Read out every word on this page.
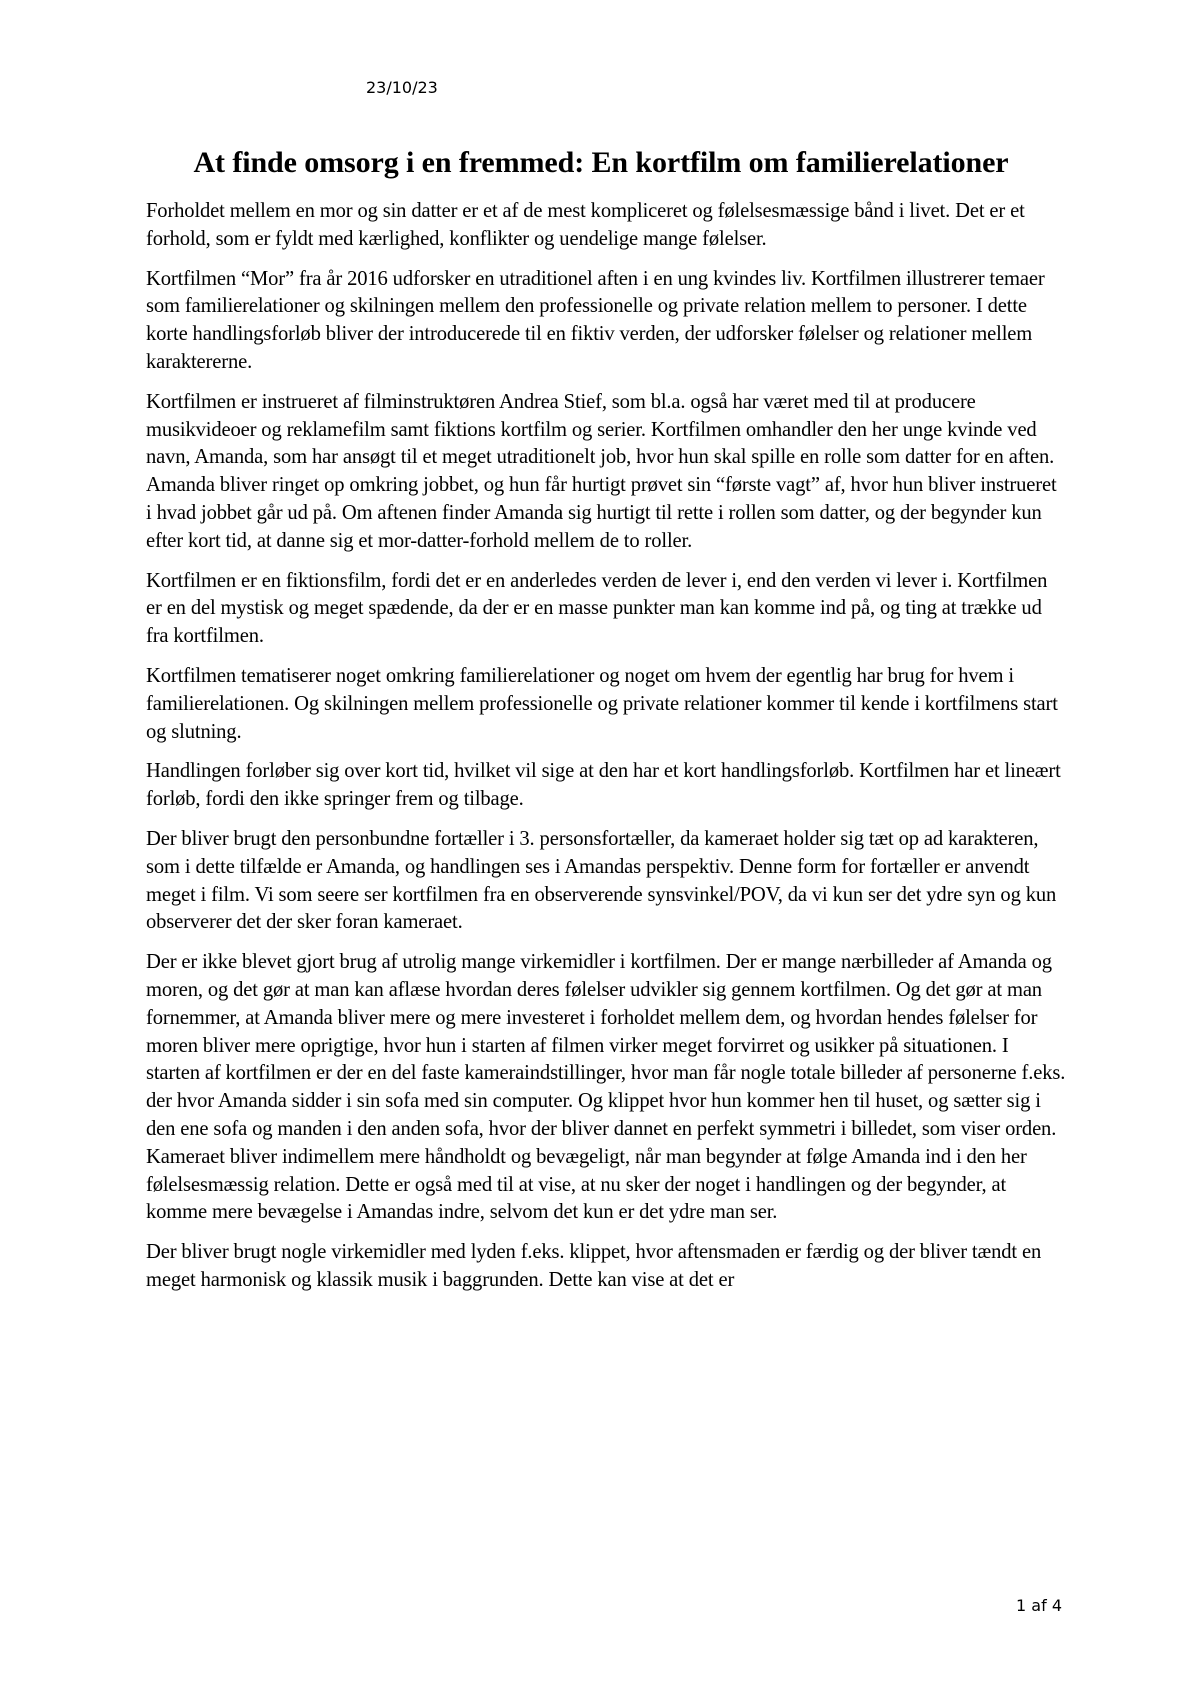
23/10/23
At finde omsorg i en fremmed: En kortfilm om familierelationer

Forholdet mellem en mor og sin datter er et af de mest kompliceret og følelsesmæssige bånd i livet. Det er et forhold, som er fyldt med kærlighed, konflikter og uendelige mange følelser.

Kortfilmen “Mor” fra år 2016 udforsker en utraditionel aften i en ung kvindes liv. Kortfilmen illustrerer temaer som familierelationer og skilningen mellem den professionelle og private relation mellem to personer. I dette korte handlingsforløb bliver der introducerede til en fiktiv verden, der udforsker følelser og relationer mellem karaktererne.

Kortfilmen er instrueret af filminstruktøren Andrea Stief, som bl.a. også har været med til at producere musikvideoer og reklamefilm samt fiktions kortfilm og serier. Kortfilmen omhandler den her unge kvinde ved navn, Amanda, som har ansøgt til et meget utraditionelt job, hvor hun skal spille en rolle som datter for en aften. Amanda bliver ringet op omkring jobbet, og hun får hurtigt prøvet sin “første vagt” af, hvor hun bliver instrueret i hvad jobbet går ud på. Om aftenen finder Amanda sig hurtigt til rette i rollen som datter, og der begynder kun efter kort tid, at danne sig et mor-datter-forhold mellem de to roller.

Kortfilmen er en fiktionsfilm, fordi det er en anderledes verden de lever i, end den verden vi lever i. Kortfilmen er en del mystisk og meget spædende, da der er en masse punkter man kan komme ind på, og ting at trække ud fra kortfilmen.

Kortfilmen tematiserer noget omkring familierelationer og noget om hvem der egentlig har brug for hvem i familierelationen. Og skilningen mellem professionelle og private relationer kommer til kende i kortfilmens start og slutning.

Handlingen forløber sig over kort tid, hvilket vil sige at den har et kort handlingsforløb. Kortfilmen har et lineært forløb, fordi den ikke springer frem og tilbage.

Der bliver brugt den personbundne fortæller i 3. personsfortæller, da kameraet holder sig tæt op ad karakteren, som i dette tilfælde er Amanda, og handlingen ses i Amandas perspektiv. Denne form for fortæller er anvendt meget i film. Vi som seere ser kortfilmen fra en observerende synsvinkel/POV, da vi kun ser det ydre syn og kun observerer det der sker foran kameraet.

Der er ikke blevet gjort brug af utrolig mange virkemidler i kortfilmen. Der er mange nærbilleder af Amanda og moren, og det gør at man kan aflæse hvordan deres følelser udvikler sig gennem kortfilmen. Og det gør at man fornemmer, at Amanda bliver mere og mere investeret i forholdet mellem dem, og hvordan hendes følelser for moren bliver mere oprigtige, hvor hun i starten af filmen virker meget forvirret og usikker på situationen. I starten af kortfilmen er der en del faste kameraindstillinger, hvor man får nogle totale billeder af personerne f.eks. der hvor Amanda sidder i sin sofa med sin computer. Og klippet hvor hun kommer hen til huset, og sætter sig i den ene sofa og manden i den anden sofa, hvor der bliver dannet en perfekt symmetri i billedet, som viser orden. Kameraet bliver indimellem mere håndholdt og bevægeligt, når man begynder at følge Amanda ind i den her følelsesmæssig relation. Dette er også med til at vise, at nu sker der noget i handlingen og der begynder, at komme mere bevægelse i Amandas indre, selvom det kun er det ydre man ser.

Der bliver brugt nogle virkemidler med lyden f.eks. klippet, hvor aftensmaden er færdig og der bliver tændt en meget harmonisk og klassik musik i baggrunden. Dette kan vise at det er

1 af 4
